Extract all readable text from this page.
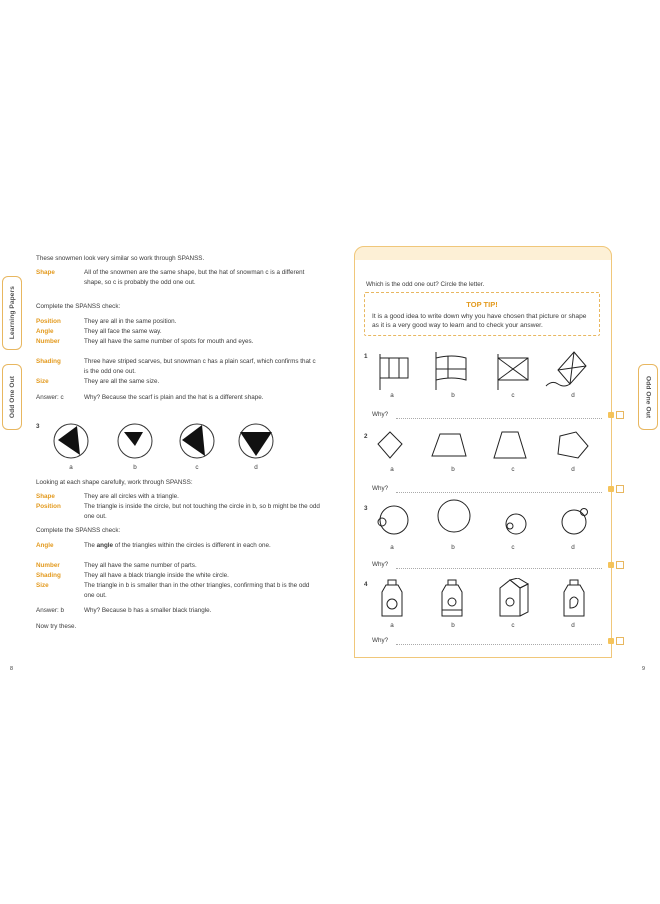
Learning Papers
Odd One Out	Odd One Out
These snowmen look very similar so work through SPANSS.
Shape	All of the snowmen are the same shape, but the hat of snowman c is a different shape, so c is probably the odd one out.
Complete the SPANSS check:
Position	They are all in the same position.
Angle	They all face the same way.
Number	They all have the same number of spots for mouth and eyes.
Shading	Three have striped scarves, but snowman c has a plain scarf, which confirms that c is the odd one out.
Size	They are all the same size.
Answer: c	Why? Because the scarf is plain and the hat is a different shape.
3
a	b	c	d
Looking at each shape carefully, work through SPANSS:
Shape	They are all circles with a triangle.
Position	The triangle is inside the circle, but not touching the circle in b, so b might be the odd one out.
Complete the SPANSS check:
Angle	The angle of the triangles within the circles is different in each one.
Number	They all have the same number of parts.
Shading	They all have a black triangle inside the white circle.
Size	The triangle in b is smaller than in the other triangles, confirming that b is the odd one out.
Answer: b	Why? Because b has a smaller black triangle.
Now try these.
8
Which is the odd one out? Circle the letter.
TOP TIP!
It is a good idea to write down why you have chosen that picture or shape as it is a very good way to learn and to check your answer.
1
a	b	c	d
Why?
2
a	b	c	d
Why?
3
a	b	c	d
Why?
4
a	b	c	d
Why?
9
